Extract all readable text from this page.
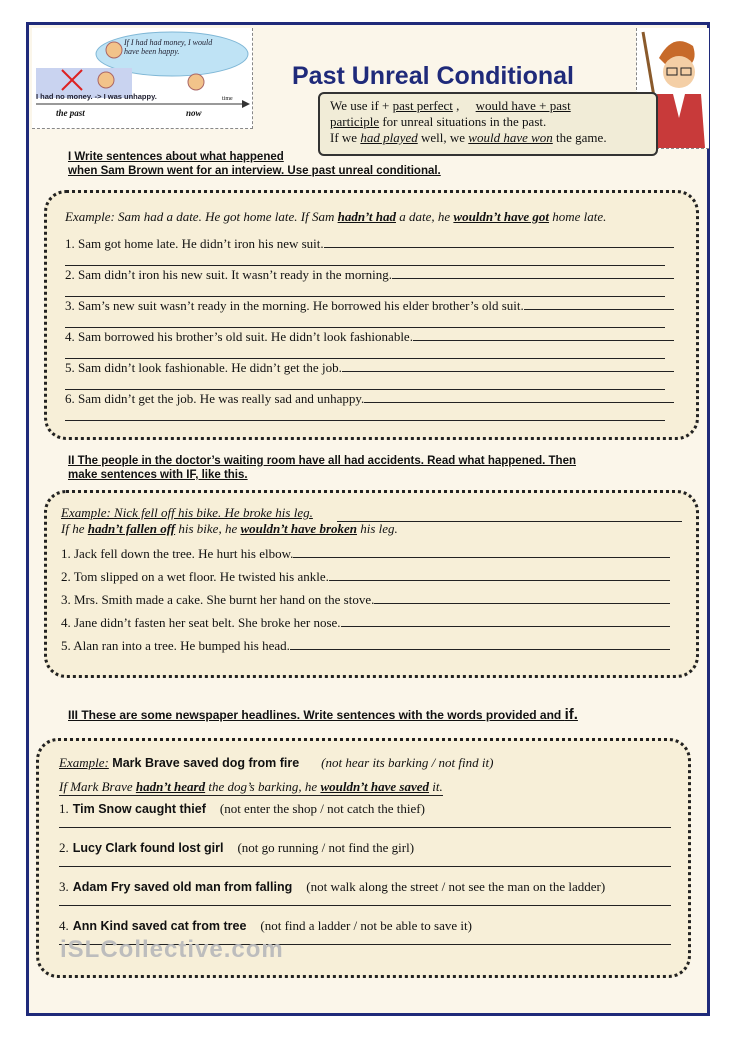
If I had had money, I would have been happy.
I had no money. -> I was unhappy.
the past	now
time
Past Unreal Conditional
We use if + past perfect ,     would have + past
participle for unreal situations in the past.
If we had played well, we would have won the game.
I Write sentences about what happened
when Sam Brown went for an interview. Use past unreal conditional.
Example: Sam had a date. He got home late. If Sam hadn’t had a date, he wouldn’t have got home late.
1. Sam got home late. He didn’t iron his new suit.
2. Sam didn’t iron his new suit. It wasn’t ready in the morning.
3. Sam’s new suit wasn’t ready in the morning. He borrowed his elder brother’s old suit.
4. Sam borrowed his brother’s old suit. He didn’t look fashionable.
5. Sam didn’t look fashionable. He didn’t get the job.
6. Sam didn’t get the job. He was really sad and unhappy.
II The people in the doctor’s waiting room have all had accidents. Read what happened. Then
make sentences with IF, like this.
Example: Nick fell off his bike. He broke his leg.
If he hadn’t fallen off his bike, he wouldn’t have broken his leg.
1. Jack fell down the tree. He hurt his elbow.
2. Tom slipped on a wet floor. He twisted his ankle.
3. Mrs. Smith made a cake. She burnt her hand on the stove.
4. Jane didn’t fasten her seat belt. She broke her nose.
5. Alan ran into a tree. He bumped his head.
III These are some newspaper headlines. Write sentences with the words provided and if.
Example: Mark Brave saved dog from fire (not hear its barking / not find it)
If Mark Brave hadn’t heard the dog’s barking, he wouldn’t have saved it.
1. Tim Snow caught thief (not enter the shop / not catch the thief)
2. Lucy Clark found lost girl (not go running / not find the girl)
3. Adam Fry saved old man from falling (not walk along the street / not see the man on the ladder)
4. Ann Kind saved cat from tree (not find a ladder / not be able to save it)
iSLCollective.com
